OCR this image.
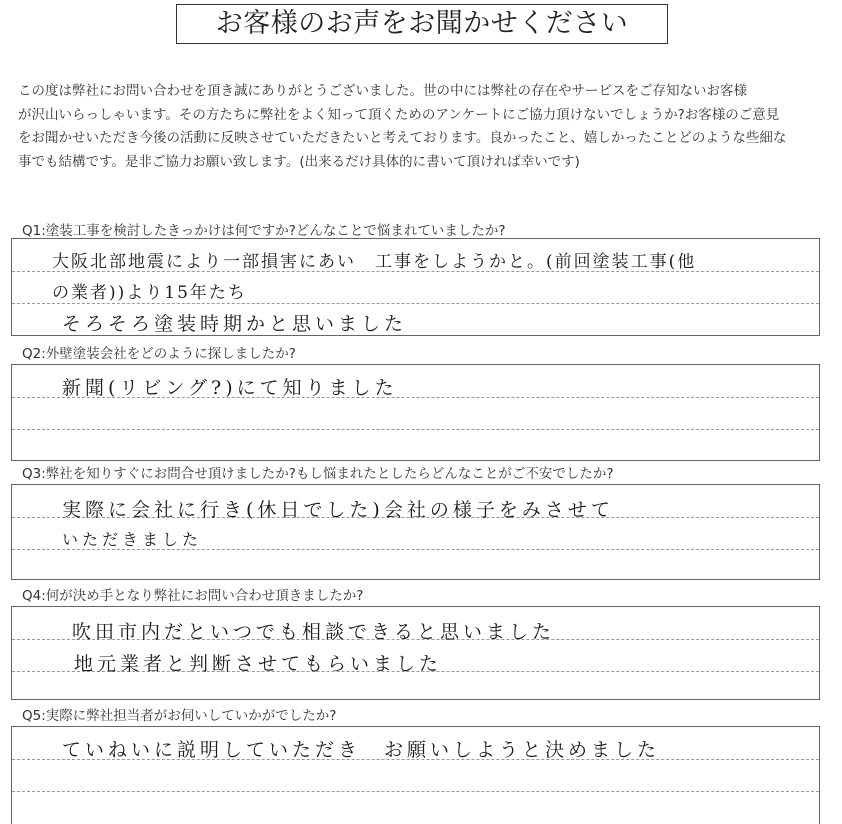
お客様のお声をお聞かせください
この度は弊社にお問い合わせを頂き誠にありがとうございました。世の中には弊社の存在やサービスをご存知ないお客様
が沢山いらっしゃいます。その方たちに弊社をよく知って頂くためのアンケートにご協力頂けないでしょうか?お客様のご意見
をお聞かせいただき今後の活動に反映させていただきたいと考えております。良かったこと、嬉しかったことどのような些細な
事でも結構です。是非ご協力お願い致します。(出来るだけ具体的に書いて頂ければ幸いです)
Q1:塗装工事を検討したきっかけは何ですか?どんなことで悩まれていましたか?
大阪北部地震により一部損害にあい　工事をしようかと。(前回塗装工事(他の業者))より15年たち
そろそろ塗装時期かと思いました
Q2:外壁塗装会社をどのように探しましたか?
新聞(リビング?)にて知りました
Q3:弊社を知りすぐにお問合せ頂けましたか?もし悩まれたとしたらどんなことがご不安でしたか?
実際に会社に行き(休日でした)会社の様子をみさせて
いただきました
Q4:何が決め手となり弊社にお問い合わせ頂きましたか?
吹田市内だといつでも相談できると思いました
地元業者と判断させてもらいました
Q5:実際に弊社担当者がお伺いしていかがでしたか?
ていねいに説明していただき　お願いしようと決めました
